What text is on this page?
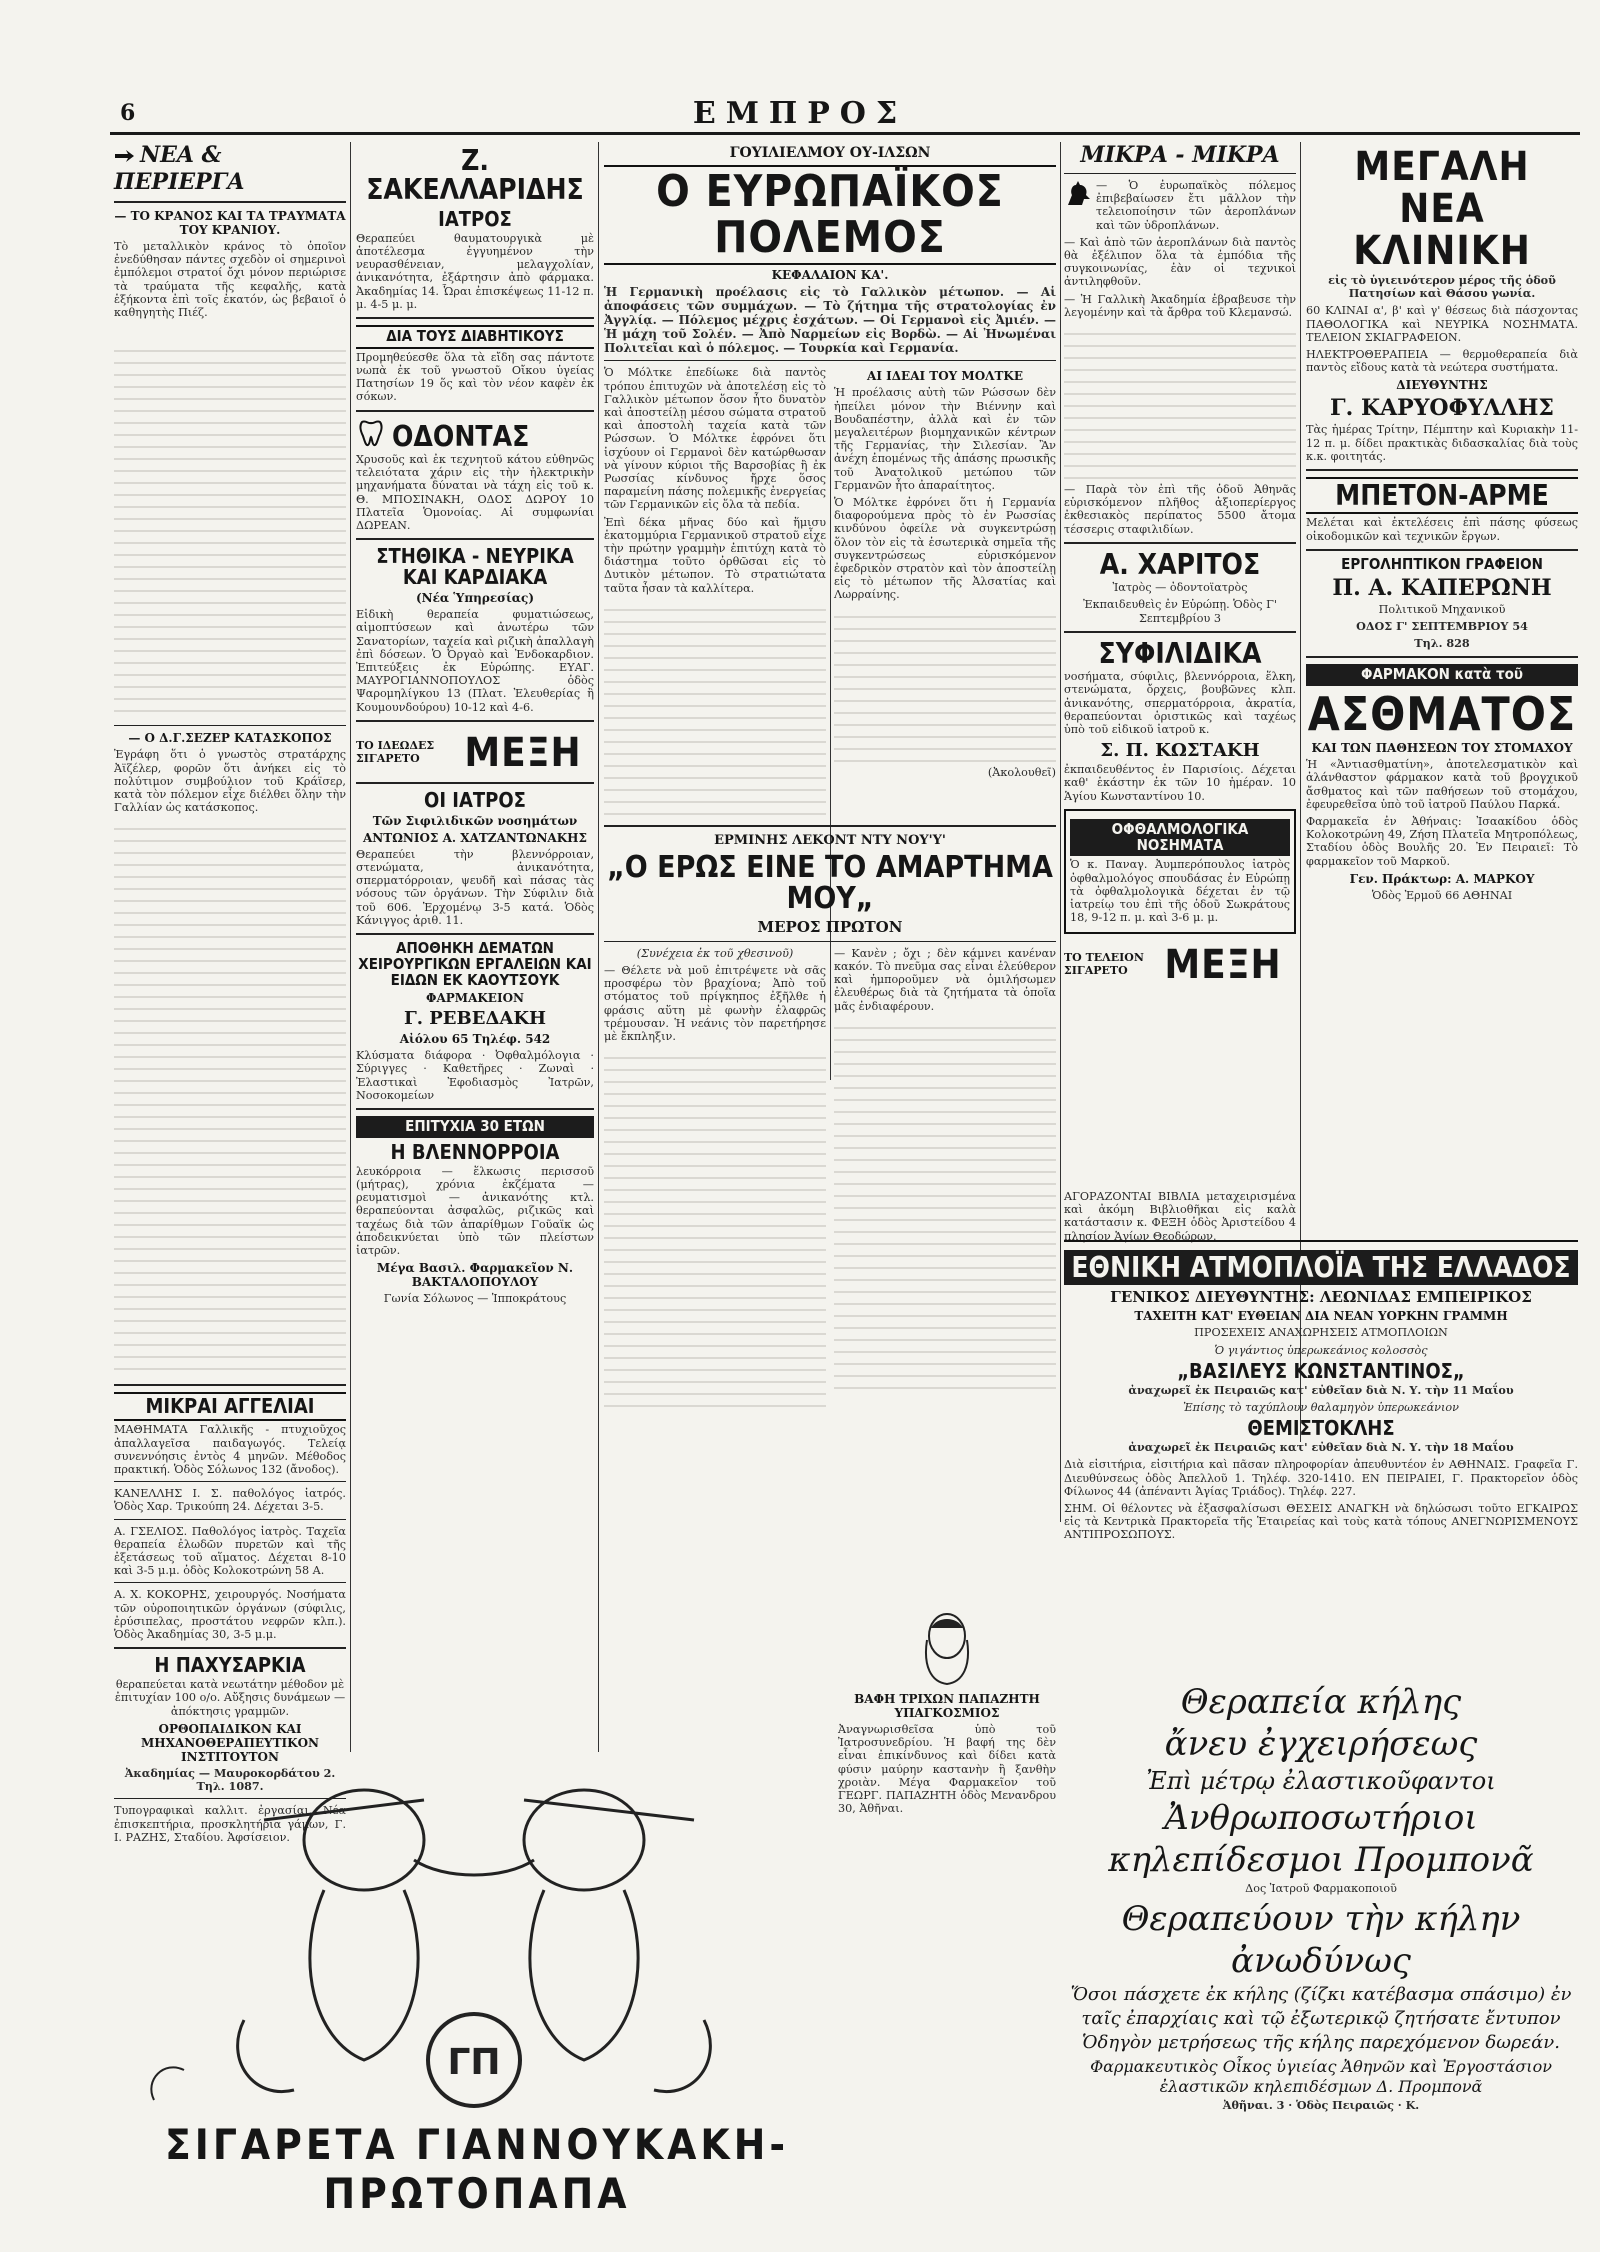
6	ΕΜΠΡΟΣ
ΝΕΑ & ΠΕΡΙΕΡΓΑ
— ΤΟ ΚΡΑΝΟΣ ΚΑΙ ΤΑ ΤΡΑΥΜΑΤΑ ΤΟΥ ΚΡΑΝΙΟΥ.

Τὸ μεταλλικὸν κράνος τὸ ὁποῖον ἐνεδύθησαν πάντες σχεδὸν οἱ σημερινοὶ ἐμπόλεμοι στρατοί ὄχι μόνον περιώρισε τὰ τραύματα τῆς κεφαλῆς, κατὰ ἑξήκοντα ἐπὶ τοῖς ἑκατόν, ὡς βεβαιοῖ ὁ καθηγητὴς Πιέζ.

— Ο Δ.Γ.ΣΕΖΕΡ ΚΑΤΑΣΚΟΠΟΣ

Ἐγράφη ὅτι ὁ γνωστὸς στρατάρχης Ἀϊζέλερ, φορῶν ὅτι ἀνήκει εἰς τὸ πολύτιμον συμβούλιον τοῦ Κράϊσερ, κατὰ τὸν πόλεμον εἶχε διέλθει ὅλην τὴν Γαλλίαν ὡς κατάσκοπος.

ΜΙΚΡΑΙ ΑΓΓΕΛΙΑΙ

ΜΑΘΗΜΑΤΑ Γαλλικῆς - πτυχιοῦχος ἀπαλλαγεῖσα παιδαγωγός. Τελείᾳ συνεννόησις ἐντὸς 4 μηνῶν. Μέθοδος πρακτική. Ὁδὸς Σόλωνος 132 (ἄνοδος).

ΚΑΝΕΛΛΗΣ Ι. Σ. παθολόγος ἰατρός. Ὁδὸς Χαρ. Τρικούπη 24. Δέχεται 3-5.

Α. ΓΣΕΛΙΟΣ. Παθολόγος ἰατρὸς. Ταχεῖα θεραπεία ἐλωδῶν πυρετῶν καὶ τῆς ἐξετάσεως τοῦ αἵματος. Δέχεται 8-10 καὶ 3-5 μ.μ. ὁδὸς Κολοκοτρώνη 58 Α.

Α. Χ. ΚΟΚΟΡΗΣ, χειρουργός. Νοσήματα τῶν οὐροποιητικῶν ὀργάνων (σύφιλις, ἐρύσιπελας, προστάτου νεφρῶν κλπ.). Ὁδὸς Ἀκαδημίας 30, 3-5 μ.μ.

Η ΠΑΧΥΣΑΡΚΙΑ

θεραπεύεται κατὰ νεωτάτην μέθοδον μὲ ἐπιτυχίαν 100 ο/ο. Αὔξησις δυνάμεων — ἀπόκτησις γραμμῶν.

ΟΡΘΟΠΑΙΔΙΚΟΝ ΚΑΙ ΜΗΧΑΝΟΘΕΡΑΠΕΥΤΙΚΟΝ ΙΝΣΤΙΤΟΥΤΟΝ

Ἀκαδημίας — Μαυροκορδάτου 2. Τηλ. 1087.

Τυπογραφικαὶ καλλιτ. ἐργασίαι. Νέα ἐπισκεπτήρια, προσκλητήρια γάμων, Γ. Ι. ΡΑΖΗΣ, Σταδίου. Ἀφσίσειον.

Ζ. ΣΑΚΕΛΛΑΡΙΔΗΣ
ΙΑΤΡΟΣ

Θεραπεύει θαυματουργικὰ μὲ ἀποτέλεσμα ἐγγυημένον τὴν νευρασθένειαν, μελαγχολίαν, ἀνικανότητα, ἐξάρτησιν ἀπὸ φάρμακα. Ἀκαδημίας 14. Ὧραι ἐπισκέψεως 11-12 π. μ. 4-5 μ. μ.

ΔΙΑ ΤΟΥΣ ΔΙΑΒΗΤΙΚΟΥΣ

Προμηθεύεσθε ὅλα τὰ εἴδη σας πάντοτε νωπὰ ἐκ τοῦ γνωστοῦ Οἴκου ὑγείας Πατησίων 19 ὅς καὶ τὸν νέον καφὲν ἐκ σόκων.

ΟΔΟΝΤΑΣ

Χρυσοῦς καὶ ἐκ τεχνητοῦ κάτου εὐθηνῶς τελειότατα χάριν εἰς τὴν ἠλεκτρικὴν μηχανήματα δύναται νὰ τάχη εἰς τοῦ κ. Θ. ΜΠΟΣΙΝΑΚΗ, ΟΔΟΣ ΔΩΡΟΥ 10 Πλατεῖα Ὁμονοίας. Αἱ συμφωνίαι ΔΩΡΕΑΝ.

ΣΤΗΘΙΚΑ - ΝΕΥΡΙΚΑ ΚΑΙ ΚΑΡΔΙΑΚΑ
(Νέα Ὑπηρεσίας)

Εἰδικὴ θεραπεία φυματιώσεως, αἱμοπτύσεων καὶ ἀνωτέρω τῶν Σανατορίων, ταχεία καὶ ριζικὴ ἀπαλλαγὴ ἐπὶ δόσεων. Ὁ Ὀργαὸ καὶ Ἐνδοκαρδιον. Ἐπιτεύξεις ἐκ Εὐρώπης. ΕΥΑΓ. ΜΑΥΡΟΓΙΑΝΝΟΠΟΥΛΟΣ ὁδὸς Ψαρομηλίγκου 13 (Πλατ. Ἐλευθερίας ἢ Κουμουνδούρου) 10-12 καὶ 4-6.

ΤΟ ΙΔΕΩΔΕΣ ΣΙΓΑΡΕΤΟ	ΜΕΞΗ
ΟΙ ΙΑΤΡΟΣ
Τῶν Σιφιλιδικῶν νοσημάτων
ΑΝΤΩΝΙΟΣ Α. ΧΑΤΖΑΝΤΩΝΑΚΗΣ

Θεραπεύει τὴν βλεννόρροιαν, στενώματα, ἀνικανότητα, σπερματόρροιαν, ψευδῆ καὶ πάσας τὰς νόσους τῶν ὀργάνων. Τὴν Σύφιλιν διὰ τοῦ 606. Ἐρχομένῳ 3-5 κατά. Ὁδὸς Κάνιγγος ἀριθ. 11.

ΑΠΟΘΗΚΗ ΔΕΜΑΤΩΝ ΧΕΙΡΟΥΡΓΙΚΩΝ ΕΡΓΑΛΕΙΩΝ ΚΑΙ ΕΙΔΩΝ ΕΚ ΚΑΟΥΤΣΟΥΚ
ΦΑΡΜΑΚΕΙΟΝ
Γ. ΡΕΒΕΔΑΚΗ
Αἰόλου 65 Τηλέφ. 542

Κλύσματα διάφορα · Ὀφθαλμόλογια · Σύριγγες · Καθετῆρες · Ζωναὶ · Ἐλαστικαὶ Ἐφοδιασμὸς Ἰατρῶν, Νοσοκομείων

ΕΠΙΤΥΧΙΑ 30 ΕΤΩΝ
Η ΒΛΕΝΝΟΡΡΟΙΑ

λευκόρροια — ἕλκωσις περισσοῦ (μήτρας), χρόνια ἐκζέματα — ρευματισμοὶ — ἀνικανότης κτλ. θεραπεύονται ἀσφαλῶς, ριζικῶς καὶ ταχέως διὰ τῶν ἀπαρίθμων Γοῦαϊκ ὡς ἀποδεικνύεται ὑπὸ τῶν πλείστων ἰατρῶν.

Μέγα Βασιλ. Φαρμακεῖον Ν. ΒΑΚΤΑΛΟΠΟΥΛΟΥ
Γωνία Σόλωνος — Ἱπποκράτους
ΓΟΥΙΛΙΕΛΜΟΥ ΟΥ-ΙΛΣΩΝ
Ο ΕΥΡΩΠΑΪΚΟΣ ΠΟΛΕΜΟΣ
ΚΕΦΑΛΑΙΟΝ ΚΑ'.

Ἡ Γερμανικὴ προέλασις εἰς τὸ Γαλλικὸν μέτωπον. — Αἱ ἀποφάσεις τῶν συμμάχων. — Τὸ ζήτημα τῆς στρατολογίας ἐν Ἀγγλίᾳ. — Πόλεμος μέχρις ἐσχάτων. — Οἱ Γερμανοὶ εἰς Ἀμιέν. — Ἡ μάχη τοῦ Σολέν. — Ἀπὸ Ναρμείων εἰς Βορδὼ. — Αἱ Ἠνωμέναι Πολιτεῖαι καὶ ὁ πόλεμος. — Τουρκία καὶ Γερμανία.

Ὁ Μόλτκε ἐπεδίωκε διὰ παντὸς τρόπου ἐπιτυχῶν νὰ ἀποτελέσῃ εἰς τὸ Γαλλικὸν μέτωπον ὅσον ἦτο δυνατὸν καὶ ἀποστείλῃ μέσου σώματα στρατοῦ καὶ ἀποστολὴ ταχεία κατὰ τῶν Ρώσσων. Ὁ Μόλτκε ἐφρόνει ὅτι ἰσχύουν οἱ Γερμανοὶ δὲν κατώρθωσαν νὰ γίνουν κύριοι τῆς Βαρσοβίας ἢ ἐκ Ρωσσίας κίνδυνος ἤρχε ὅσος παραμείνη πάσης πολεμικῆς ἐνεργείας τῶν Γερμανικῶν εἰς ὅλα τὰ πεδία.

Ἐπὶ δέκα μῆνας δύο καὶ ἥμισυ ἑκατομμύρια Γερμανικοῦ στρατοῦ εἶχε τὴν πρώτην γραμμὴν ἐπιτύχη κατὰ τὸ διάστημα τοῦτο ὀρθῶσαι εἰς τὸ Δυτικὸν μέτωπον. Τὸ στρατιώτατα ταῦτα ἦσαν τὰ καλλίτερα.

ΑΙ ΙΔΕΑΙ ΤΟΥ ΜΟΛΤΚΕ

Ἡ προέλασις αὐτὴ τῶν Ρώσσων δὲν ἠπείλει μόνον τὴν Βιέννην καὶ Βουδαπέστην, ἀλλὰ καὶ ἐν τῶν μεγαλειτέρων βιομηχανικῶν κέντρων τῆς Γερμανίας, τὴν Σιλεσίαν. Ἂν ἀνέχη ἐπομένως τῆς ἀπάσης πρωσικῆς τοῦ Ἀνατολικοῦ μετώπου τῶν Γερμανῶν ἦτο ἀπαραίτητος.

Ὁ Μόλτκε ἐφρόνει ὅτι ἡ Γερμανία διαφορούμενα πρὸς τὸ ἐν Ρωσσίας κινδύνου ὀφείλε νὰ συγκεντρώσῃ ὅλον τὸν εἰς τὰ ἑσωτερικὰ σημεῖα τῆς συγκεντρώσεως εὑρισκόμενον ἐφεδρικὸν στρατὸν καὶ τὸν ἀποστείλῃ εἰς τὸ μέτωπον τῆς Ἀλσατίας καὶ Λωρραίνης.

(Ἀκολουθεῖ)
ΕΡΜΙΝΗΣ ΛΕΚΟΝΤ ΝΤΥ ΝΟΥ'Υ'
„Ο ΕΡΩΣ ΕΙΝΕ ΤΟ ΑΜΑΡΤΗΜΑ ΜΟΥ„
ΜΕΡΟΣ ΠΡΩΤΟΝ
(Συνέχεια ἐκ τοῦ χθεσινοῦ)

— Θέλετε νὰ μοῦ ἐπιτρέψετε νὰ σᾶς προσφέρω τὸν βραχίονα; Ἀπὸ τοῦ στόματος τοῦ πρίγκηπος ἐξῆλθε ἡ φράσις αὕτη μὲ φωνὴν ἐλαφρῶς τρέμουσαν. Ἡ νεάνις τὸν παρετήρησε μὲ ἔκπληξιν.

— Κανὲν ; ὄχι ; δὲν κάμνει κανέναν κακόν. Τὸ πνεῦμα σας εἶναι ἐλεύθερον καὶ ἡμποροῦμεν νὰ ὁμιλήσωμεν ἐλευθέρως διὰ τὰ ζητήματα τὰ ὁποῖα μᾶς ἐνδιαφέρουν.

ΜΙΚΡΑ - ΜΙΚΡΑ

— Ὁ ἐυρωπαϊκὸς πόλεμος ἐπιβεβαίωσεν ἔτι μᾶλλον τὴν τελειοποίησιν τῶν ἀεροπλάνων καὶ τῶν ὑδροπλάνων.

— Καὶ ἀπὸ τῶν ἀεροπλάνων διὰ παντὸς θὰ ἐξέλιπον ὅλα τὰ ἐμπόδια τῆς συγκοινωνίας, ἐὰν οἱ τεχνικοὶ ἀντιληφθοῦν.

— Ἡ Γαλλικὴ Ἀκαδημία ἐβραβευσε τὴν λεγομένην καὶ τὰ ἄρθρα τοῦ Κλεμανσώ.

— Παρὰ τὸν ἐπὶ τῆς ὁδοῦ Ἀθηνᾶς εὑρισκόμενον πλῆθος ἀξιοπερίεργος ἐκθεσιακὸς περίπατος 5500 ἄτομα τέσσερις σταφιλιδίων.

Α. ΧΑΡΙΤΟΣ
Ἰατρὸς — ὀδοντοϊατρὸς
Ἐκπαιδευθεὶς ἐν Εὐρώπῃ. Ὁδὸς Γ' Σεπτεμβρίου 3
ΣΥΦΙΛΙΔΙΚΑ

νοσήματα, σύφιλις, βλεννόρροια, ἕλκη, στενώματα, ὄρχεις, βουβῶνες κλπ. ἀνικανότης, σπερματόρροια, ἀκρατία, θεραπεύονται ὁριστικῶς καὶ ταχέως ὑπὸ τοῦ εἰδικοῦ ἰατροῦ κ.

Σ. Π. ΚΩΣΤΑΚΗ

ἐκπαιδευθέντος ἐν Παρισίοις. Δέχεται καθ' ἑκάστην ἐκ τῶν 10 ἡμέραν. 10 Ἁγίου Κωνσταντίνου 10.

ΟΦΘΑΛΜΟΛΟΓΙΚΑ ΝΟΣΗΜΑΤΑ

Ὁ κ. Παναγ. Ἀυμπερόπουλος ἰατρὸς ὀφθαλμολόγος σπουδάσας ἐν Εὐρώπῃ τὰ ὀφθαλμολογικὰ δέχεται ἐν τῷ ἰατρείῳ του ἐπὶ τῆς ὁδοῦ Σωκράτους 18, 9-12 π. μ. καὶ 3-6 μ. μ.

ΤΟ ΤΕΛΕΙΟΝ ΣΙΓΑΡΕΤΟ ΜΕΞΗ

ΑΓΟΡΑΖΟΝΤΑΙ ΒΙΒΛΙΑ μεταχειρισμένα καὶ ἀκόμη Βιβλιοθῆκαι εἰς καλὰ κατάστασιν κ. ΦΕΞΗ ὁδὸς Ἀριστείδου 4 πλησίον Ἁγίων Θεοδώρων.

ΜΕΓΑΛΗ ΝΕΑ ΚΛΙΝΙΚΗ
εἰς τὸ ὑγιεινότερον μέρος τῆς ὁδοῦ Πατησίων καὶ Θάσου γωνία.

60 ΚΛΙΝΑΙ α', β' καὶ γ' θέσεως διὰ πάσχοντας ΠΑΘΟΛΟΓΙΚΑ καὶ ΝΕΥΡΙΚΑ ΝΟΣΗΜΑΤΑ. ΤΕΛΕΙΟΝ ΣΚΙΑΓΡΑΦΕΙΟΝ.

ΗΛΕΚΤΡΟΘΕΡΑΠΕΙΑ — θερμοθεραπεία διὰ παντὸς εἴδους κατὰ τὰ νεώτερα συστήματα.

ΔΙΕΥΘΥΝΤΗΣ
Γ. ΚΑΡΥΟΦΥΛΛΗΣ

Τὰς ἡμέρας Τρίτην, Πέμπτην καὶ Κυριακὴν 11-12 π. μ. δίδει πρακτικὰς διδασκαλίας διὰ τοὺς κ.κ. φοιτητάς.

ΜΠΕΤΟΝ-ΑΡΜΕ

Μελέται καὶ ἐκτελέσεις ἐπὶ πάσης φύσεως οἰκοδομικῶν καὶ τεχνικῶν ἔργων.

ΕΡΓΟΛΗΠΤΙΚΟΝ ΓΡΑΦΕΙΟΝ
Π. Α. ΚΑΠΕΡΩΝΗ
Πολιτικοῦ Μηχανικοῦ
ΟΔΟΣ Γ' ΣΕΠΤΕΜΒΡΙΟΥ 54
Τηλ. 828
ΦΑΡΜΑΚΟΝ κατὰ τοῦ
ΑΣΘΜΑΤΟΣ
ΚΑΙ ΤΩΝ ΠΑΘΗΣΕΩΝ ΤΟΥ ΣΤΟΜΑΧΟΥ

Ἡ «Ἀντιασθματίνη», ἀποτελεσματικὸν καὶ ἀλάνθαστον φάρμακον κατὰ τοῦ βρογχικοῦ ἄσθματος καὶ τῶν παθήσεων τοῦ στομάχου, ἐφευρεθεῖσα ὑπὸ τοῦ ἰατροῦ Παύλου Παρκά.

Φαρμακεῖα ἐν Ἀθήναις: Ἰσαακίδου ὁδὸς Κολοκοτρώνη 49, Ζήση Πλατεῖα Μητροπόλεως, Σταδίου ὁδὸς Βουλῆς 20. Ἐν Πειραιεῖ: Τὸ φαρμακεῖον τοῦ Μαρκοῦ.

Γεν. Πράκτωρ: Α. ΜΑΡΚΟΥ
Ὁδὸς Ἑρμοῦ 66 ΑΘΗΝΑΙ
ΕΘΝΙΚΗ ΑΤΜΟΠΛΟΪΑ ΤΗΣ ΕΛΛΑΔΟΣ
ΓΕΝΙΚΟΣ ΔΙΕΥΘΥΝΤΗΣ: ΛΕΩΝΙΔΑΣ ΕΜΠΕΙΡΙΚΟΣ
ΤΑΧΕΙΤΗ ΚΑΤ' ΕΥΘΕΙΑΝ ΔΙΑ ΝΕΑΝ ΥΟΡΚΗΝ ΓΡΑΜΜΗ
ΠΡΟΣΕΧΕΙΣ ΑΝΑΧΩΡΗΣΕΙΣ ΑΤΜΟΠΛΟΙΩΝ
Ὁ γιγάντιος ὑπερωκεάνιος κολοσσὸς
„ΒΑΣΙΛΕΥΣ ΚΩΝΣΤΑΝΤΙΝΟΣ„
ἀναχωρεῖ ἐκ Πειραιῶς κατ' εὐθεῖαν διὰ Ν. Υ. τὴν 11 Μαΐου
Ἐπίσης τὸ ταχύπλουν θαλαμηγὸν ὑπερωκεάνιον
ΘΕΜΙΣΤΟΚΛΗΣ
ἀναχωρεῖ ἐκ Πειραιῶς κατ' εὐθεῖαν διὰ Ν. Υ. τὴν 18 Μαΐου

Διὰ εἰσιτήρια, εἰσιτήρια καὶ πᾶσαν πληροφορίαν ἀπευθυντέον ἐν ΑΘΗΝΑΙΣ. Γραφεῖα Γ. Διευθύνσεως ὁδὸς Ἀπελλοῦ 1. Τηλέφ. 320-1410. ΕΝ ΠΕΙΡΑΙΕΙ, Γ. Πρακτορεῖον ὁδὸς Φίλωνος 44 (ἀπέναντι Ἁγίας Τριάδος). Τηλέφ. 227.

ΣΗΜ. Οἱ θέλοντες νὰ ἐξασφαλίσωσι ΘΕΣΕΙΣ ΑΝΑΓΚΗ νὰ δηλώσωσι τοῦτο ΕΓΚΑΙΡΩΣ εἰς τὰ Κεντρικὰ Πρακτορεῖα τῆς Ἑταιρείας καὶ τοὺς κατὰ τόπους ΑΝΕΓΝΩΡΙΣΜΕΝΟΥΣ ΑΝΤΙΠΡΟΣΩΠΟΥΣ.

ΒΑΦΗ ΤΡΙΧΩΝ ΠΑΠΑΖΗΤΗ ΥΠΑΓΚΟΣΜΙΟΣ

Ἀναγνωρισθεῖσα ὑπὸ τοῦ Ἰατροσυνεδρίου. Ἡ βαφή της δὲν εἶναι ἐπικίνδυνος καὶ δίδει κατὰ φύσιν μαύρην καστανὴν ἢ ξανθὴν χροιὰν. Μέγα Φαρμακεῖον τοῦ ΓΕΩΡΓ. ΠΑΠΑΖΗΤΗ ὁδὸς Μενανδρου 30, Ἀθῆναι.

Θεραπεία κήλης
ἄνευ ἐγχειρήσεως
Ἐπὶ μέτρῳ ἐλαστικοῦφαντοι
Ἀνθρωποσωτήριοι
κηλεπίδεσμοι Προμπονᾶ
Δος Ἰατροῦ Φαρμακοποιοῦ
Θεραπεύουν τὴν κήλην
ἀνωδύνως

Ὅσοι πάσχετε ἐκ κήλης (ζίζκι κατέβασμα σπάσιμο) ἐν ταῖς ἐπαρχίαις καὶ τῷ ἐξωτερικῷ ζητήσατε ἔντυπον Ὁδηγὸν μετρήσεως τῆς κήλης παρεχόμενον δωρεάν.

Φαρμακευτικὸς Οἶκος ὑγιείας Ἀθηνῶν καὶ Ἐργοστάσιον ἐλαστικῶν κηλεπιδέσμων Δ. Προμπονᾶ

Ἀθῆναι. 3 · Ὁδὸς Πειραιῶς · Κ.
ΓΠ
ΣΙΓΑΡΕΤΑ ΓΙΑΝΝΟΥΚΑΚΗ-ΠΡΩΤΟΠΑΠΑ
